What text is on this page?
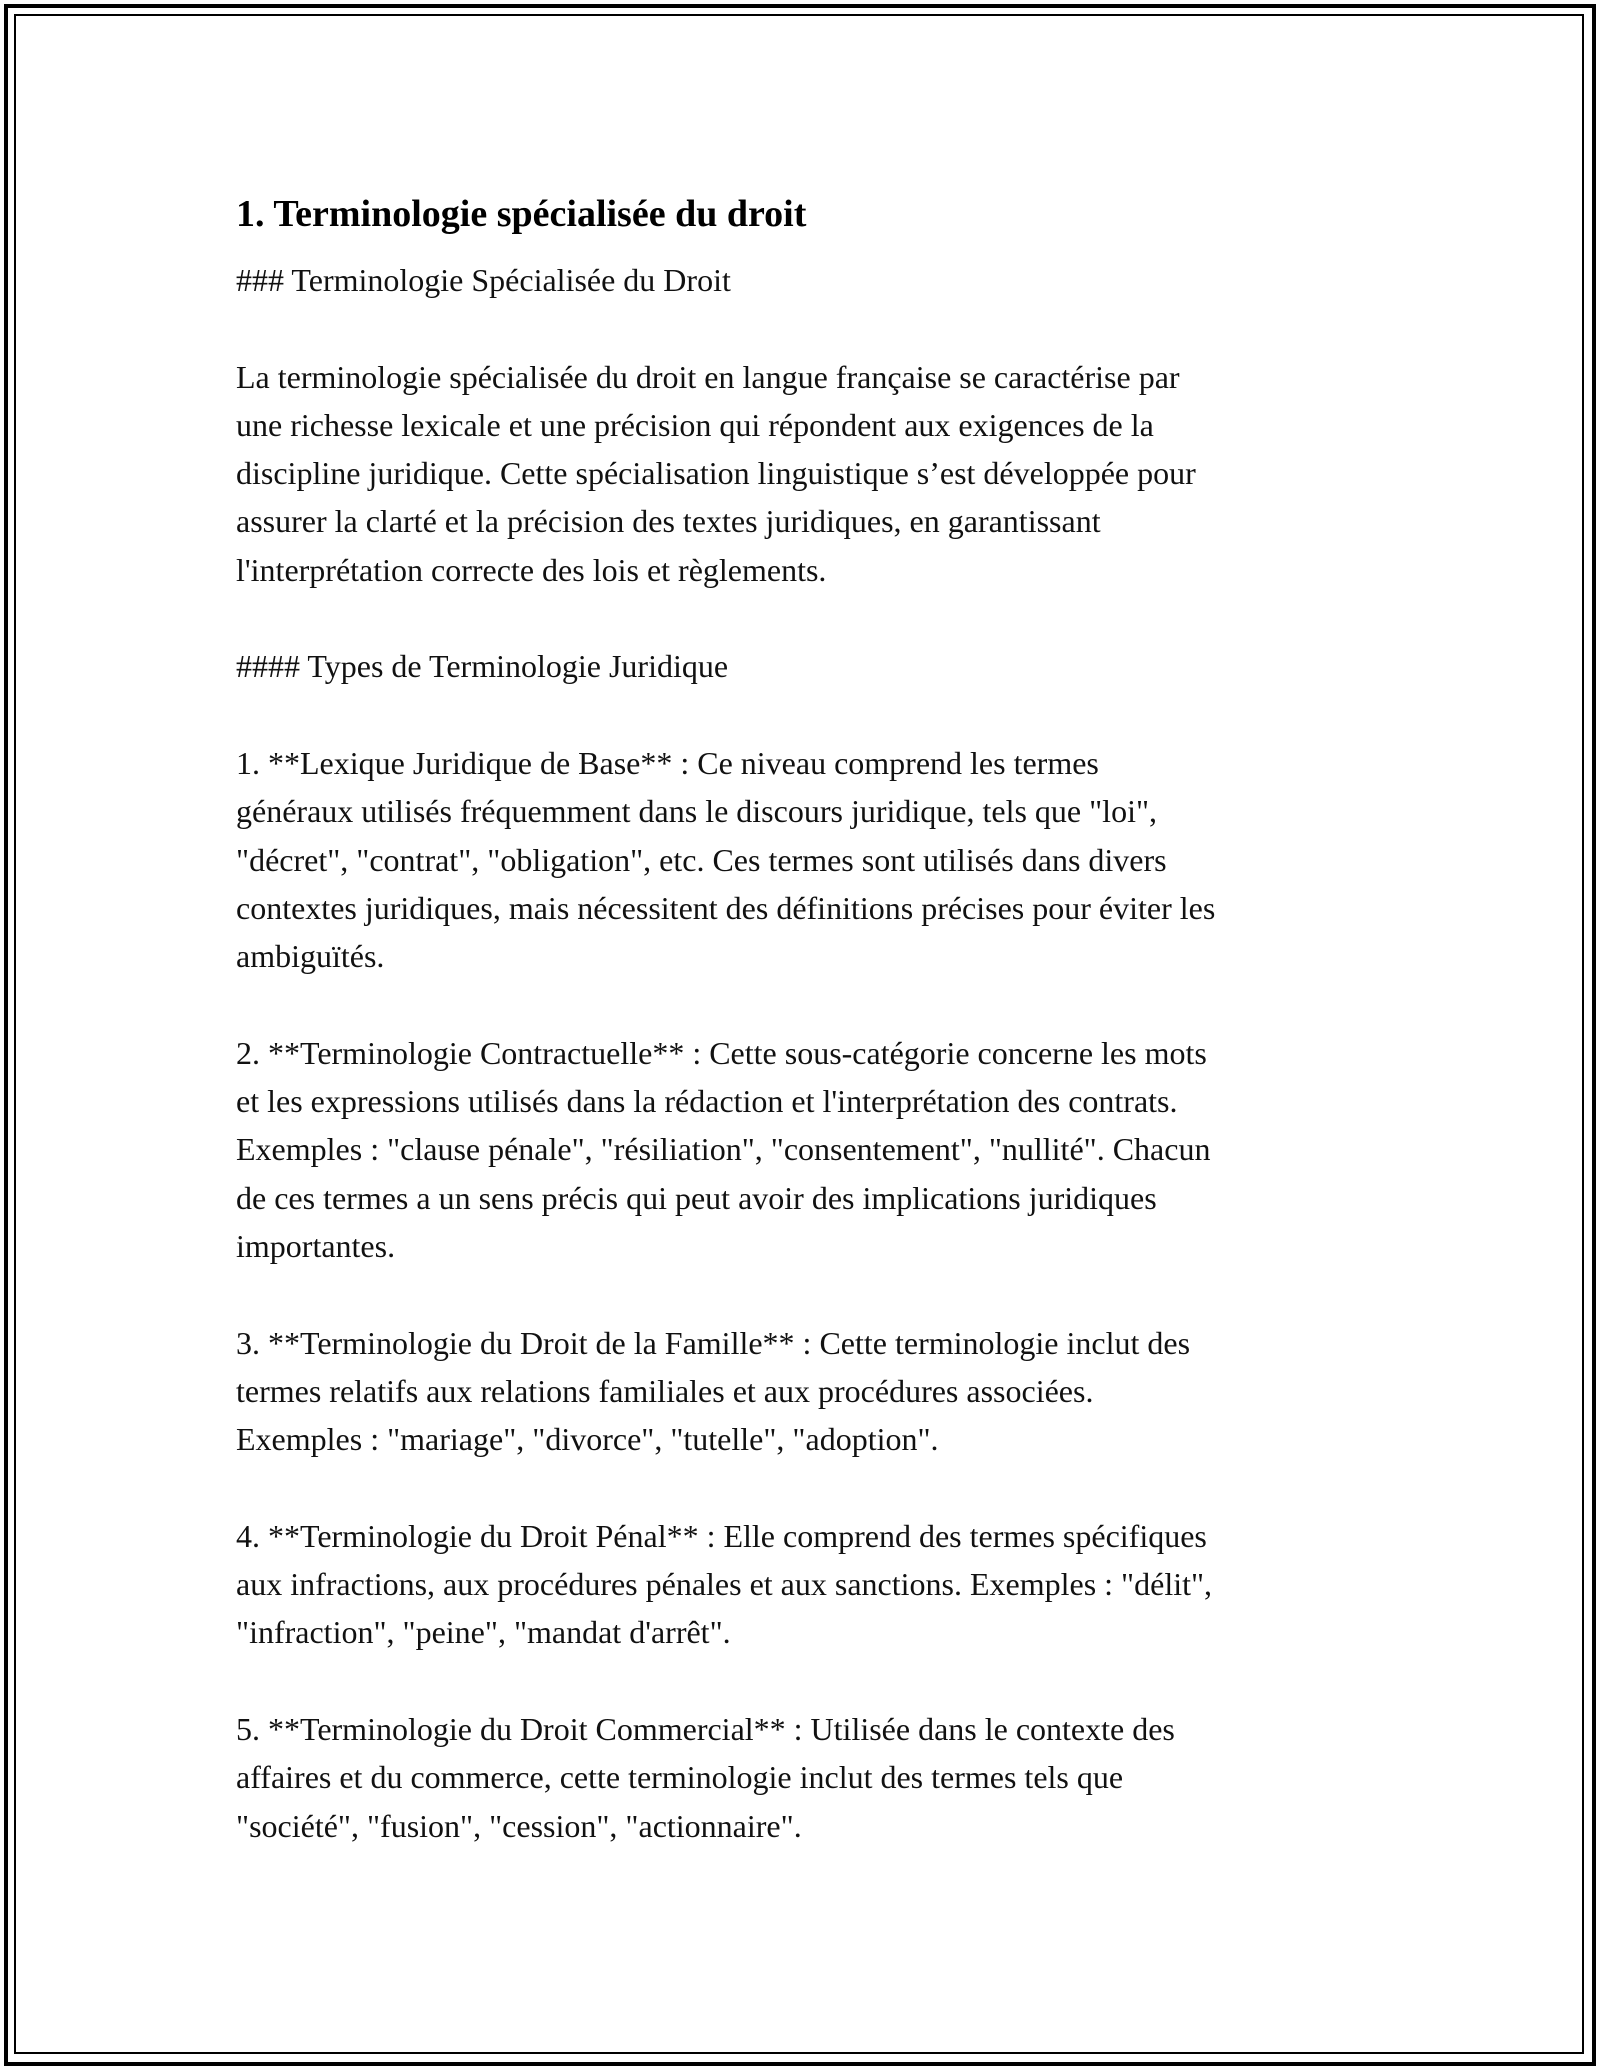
1. Terminologie spécialisée du droit

### Terminologie Spécialisée du Droit

La terminologie spécialisée du droit en langue française se caractérise par
une richesse lexicale et une précision qui répondent aux exigences de la
discipline juridique. Cette spécialisation linguistique s’est développée pour
assurer la clarté et la précision des textes juridiques, en garantissant
l'interprétation correcte des lois et règlements.

#### Types de Terminologie Juridique

1. **Lexique Juridique de Base** : Ce niveau comprend les termes
généraux utilisés fréquemment dans le discours juridique, tels que "loi",
"décret", "contrat", "obligation", etc. Ces termes sont utilisés dans divers
contextes juridiques, mais nécessitent des définitions précises pour éviter les
ambiguïtés.

2. **Terminologie Contractuelle** : Cette sous-catégorie concerne les mots
et les expressions utilisés dans la rédaction et l'interprétation des contrats.
Exemples : "clause pénale", "résiliation", "consentement", "nullité". Chacun
de ces termes a un sens précis qui peut avoir des implications juridiques
importantes.

3. **Terminologie du Droit de la Famille** : Cette terminologie inclut des
termes relatifs aux relations familiales et aux procédures associées.
Exemples : "mariage", "divorce", "tutelle", "adoption".

4. **Terminologie du Droit Pénal** : Elle comprend des termes spécifiques
aux infractions, aux procédures pénales et aux sanctions. Exemples : "délit",
"infraction", "peine", "mandat d'arrêt".

5. **Terminologie du Droit Commercial** : Utilisée dans le contexte des
affaires et du commerce, cette terminologie inclut des termes tels que
"société", "fusion", "cession", "actionnaire".
